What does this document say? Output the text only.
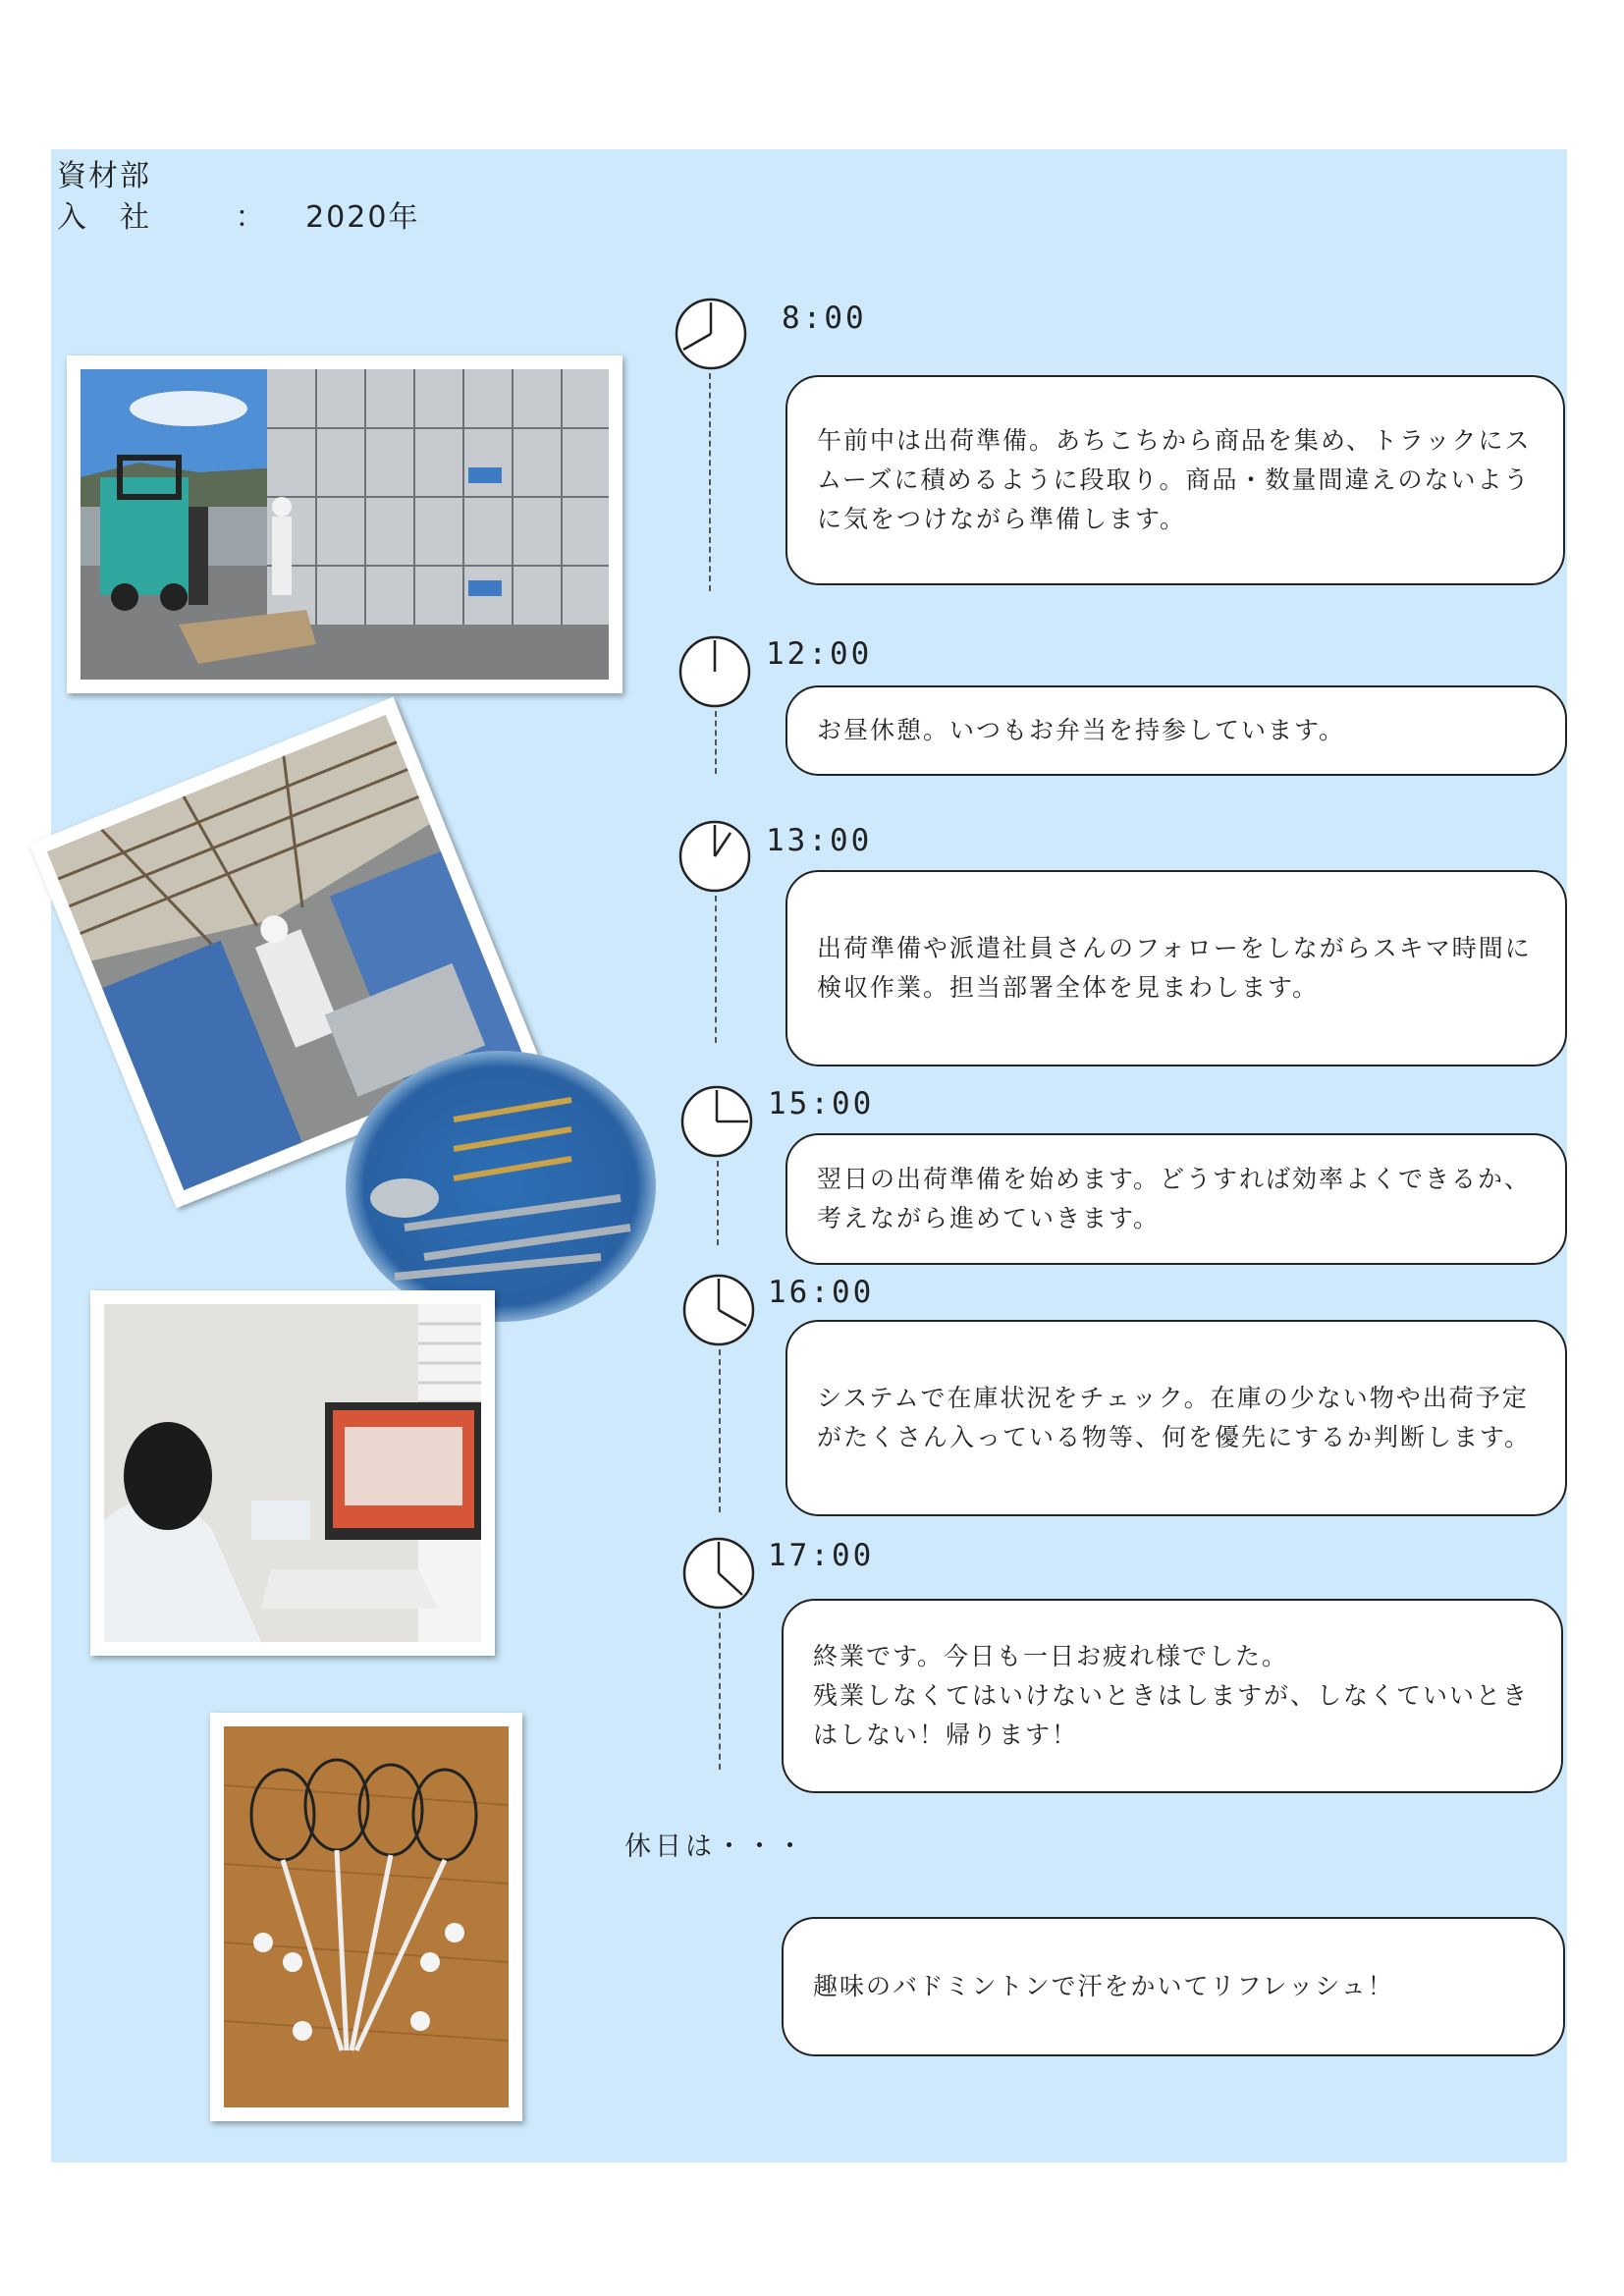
資材部
入　社	： 2020年
8:00
午前中は出荷準備。あちこちから商品を集め、トラックにスムーズに積めるように段取り。商品・数量間違えのないように気をつけながら準備します。
12:00
お昼休憩。いつもお弁当を持参しています。
13:00
出荷準備や派遣社員さんのフォローをしながらスキマ時間に検収作業。担当部署全体を見まわします。
15:00
翌日の出荷準備を始めます。どうすれば効率よくできるか、考えながら進めていきます。
16:00
システムで在庫状況をチェック。在庫の少ない物や出荷予定がたくさん入っている物等、何を優先にするか判断します。
17:00
終業です。今日も一日お疲れ様でした。
残業しなくてはいけないときはしますが、しなくていいときはしない！帰ります！
休日は・・・
趣味のバドミントンで汗をかいてリフレッシュ！
